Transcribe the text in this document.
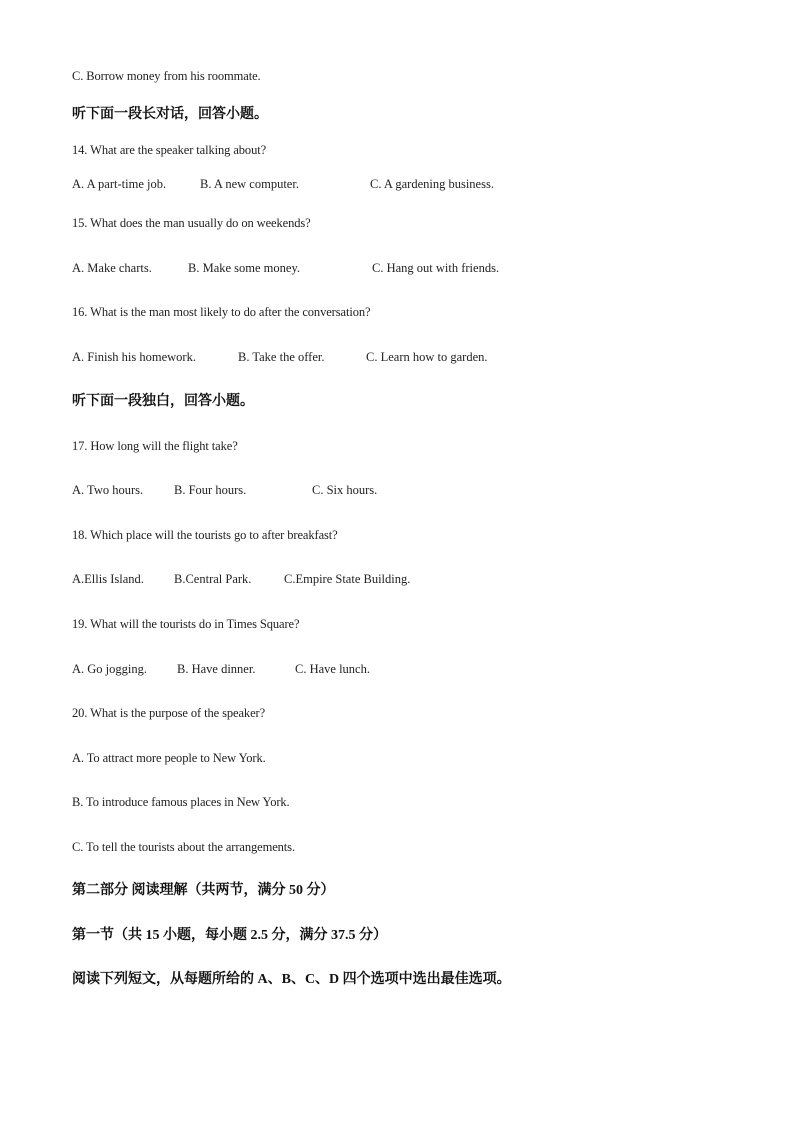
C. Borrow money from his roommate.
听下面一段长对话，回答小题。
14. What are the speaker talking about?
A. A part-time job.	B. A new computer.	C. A gardening business.
15. What does the man usually do on weekends?
A. Make charts.	B. Make some money.	C. Hang out with friends.
16. What is the man most likely to do after the conversation?
A. Finish his homework.	B. Take the offer.	C. Learn how to garden.
听下面一段独白，回答小题。
17. How long will the flight take?
A. Two hours. B. Four hours.	C. Six hours.
18. Which place will the tourists go to after breakfast?
A.Ellis Island. B.Central Park.	C.Empire State Building.
19. What will the tourists do in Times Square?
A. Go jogging. B. Have dinner.	C. Have lunch.
20. What is the purpose of the speaker?
A. To attract more people to New York.
B. To introduce famous places in New York.
C. To tell the tourists about the arrangements.
第二部分 阅读理解（共两节，满分 50 分）
第一节（共 15 小题，每小题 2.5 分，满分 37.5 分）
阅读下列短文，从每题所给的 A、B、C、D 四个选项中选出最佳选项。
